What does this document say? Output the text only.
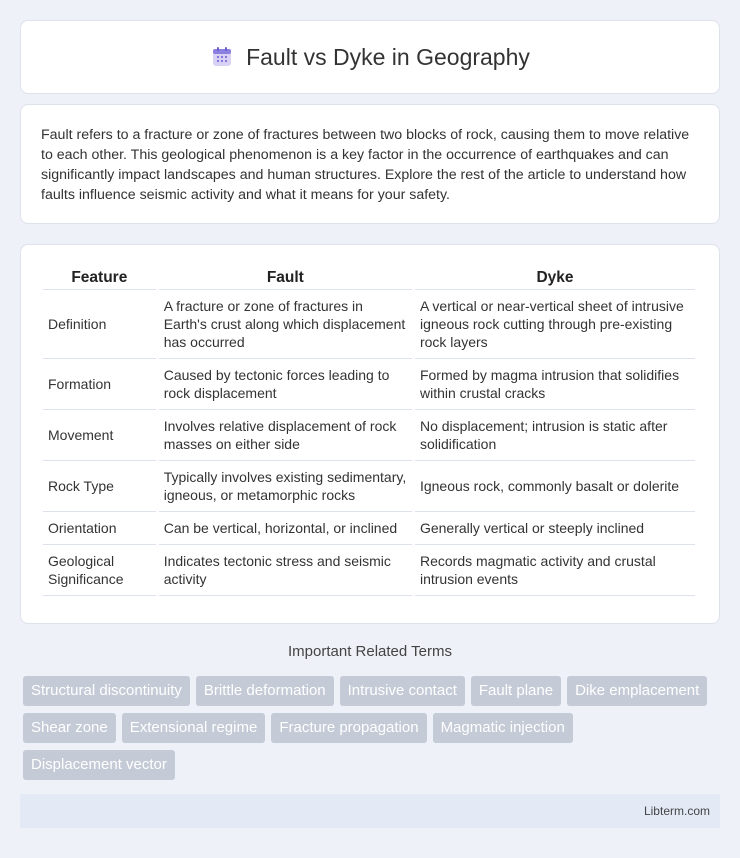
Fault vs Dyke in Geography

Fault refers to a fracture or zone of fractures between two blocks of rock, causing them to move relative to each other. This geological phenomenon is a key factor in the occurrence of earthquakes and can significantly impact landscapes and human structures. Explore the rest of the article to understand how faults influence seismic activity and what it means for your safety.

Feature	Fault	Dyke
Definition	A fracture or zone of fractures in Earth's crust along which displacement has occurred	A vertical or near-vertical sheet of intrusive igneous rock cutting through pre-existing rock layers
Formation	Caused by tectonic forces leading to rock displacement	Formed by magma intrusion that solidifies within crustal cracks
Movement	Involves relative displacement of rock masses on either side	No displacement; intrusion is static after solidification
Rock Type	Typically involves existing sedimentary, igneous, or metamorphic rocks	Igneous rock, commonly basalt or dolerite
Orientation	Can be vertical, horizontal, or inclined	Generally vertical or steeply inclined
Geological Significance	Indicates tectonic stress and seismic activity	Records magmatic activity and crustal intrusion events
Important Related Terms
Structural discontinuity	Brittle deformation	Intrusive contact	Fault plane	Dike emplacement
Shear zone	Extensional regime	Fracture propagation	Magmatic injection
Displacement vector
Libterm.com
